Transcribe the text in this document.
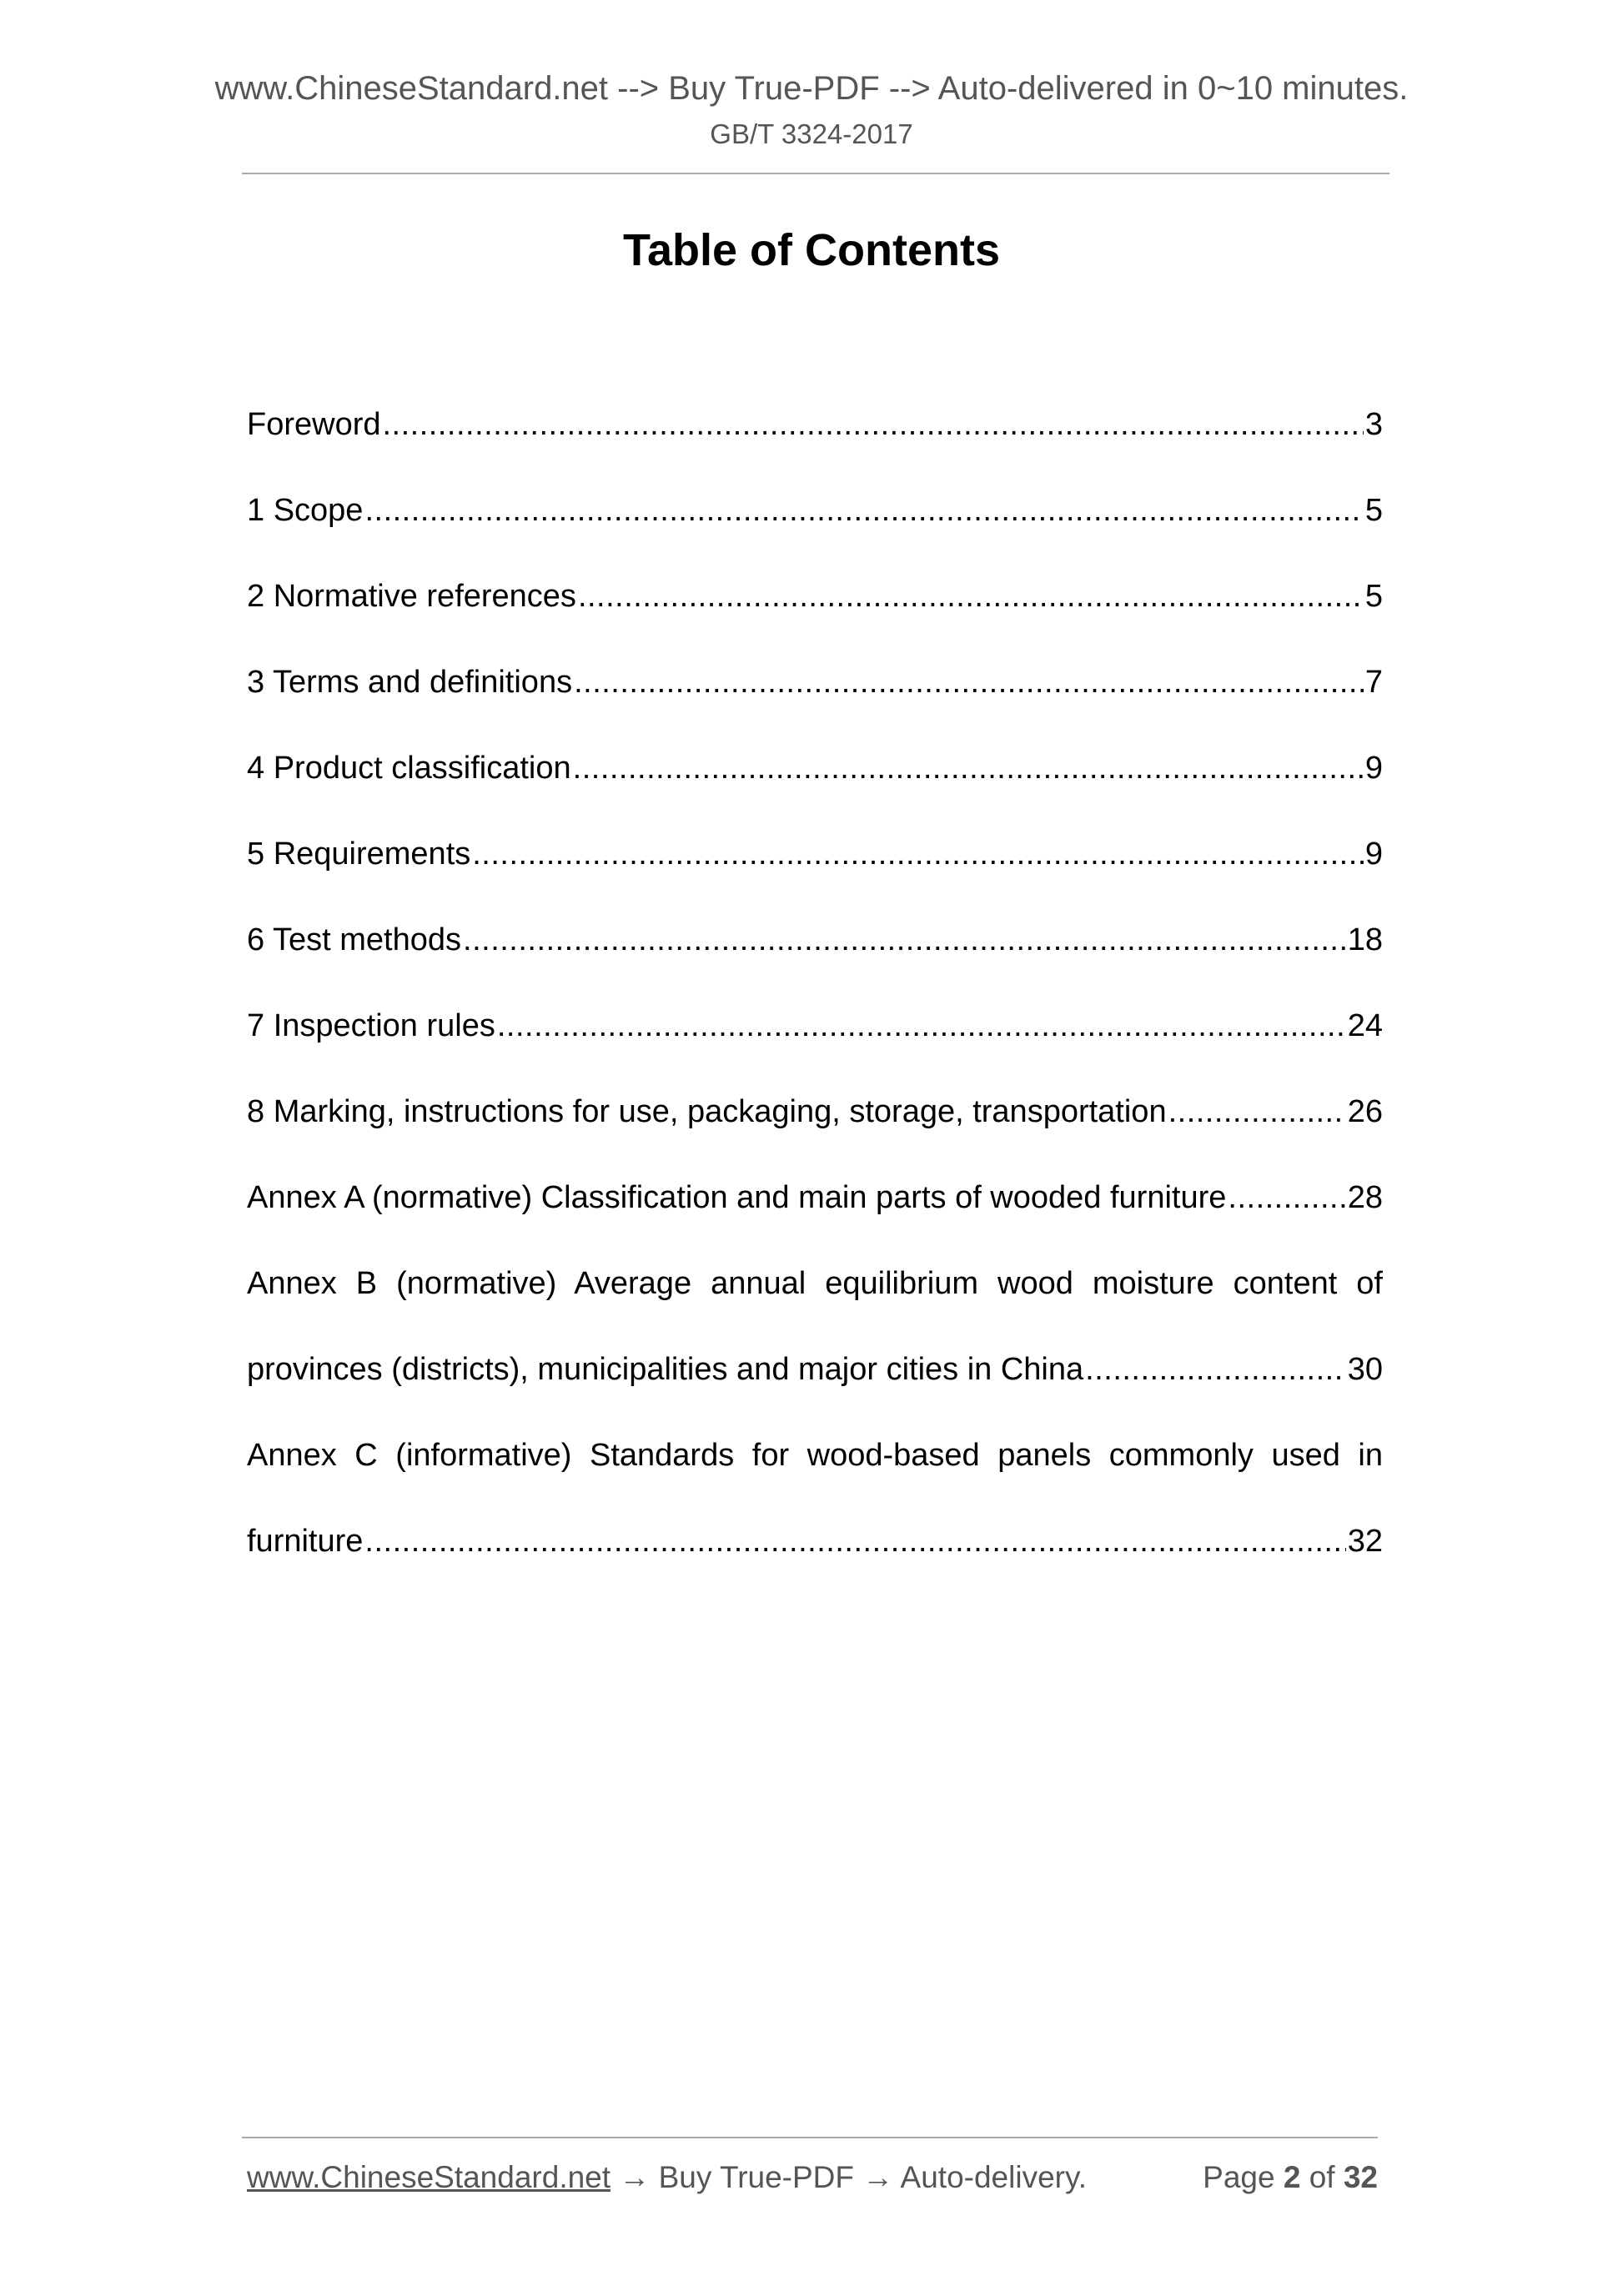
www.ChineseStandard.net --> Buy True-PDF --> Auto-delivered in 0~10 minutes.
GB/T 3324-2017
Table of Contents
Foreword .....	3
1 Scope .....	5
2 Normative references .....	5
3 Terms and definitions .....	7
4 Product classification .....	9
5 Requirements .....	9
6 Test methods .....	18
7 Inspection rules .....	24
8 Marking, instructions for use, packaging, storage, transportation .....	26
Annex A (normative) Classification and main parts of wooded furniture .....	28
Annex B (normative) Average annual equilibrium wood moisture content of
provinces (districts), municipalities and major cities in China .....	30
Annex C (informative) Standards for wood-based panels commonly used in
furniture .....	32
www.ChineseStandard.net → Buy True-PDF → Auto-delivery.	Page 2 of 32
